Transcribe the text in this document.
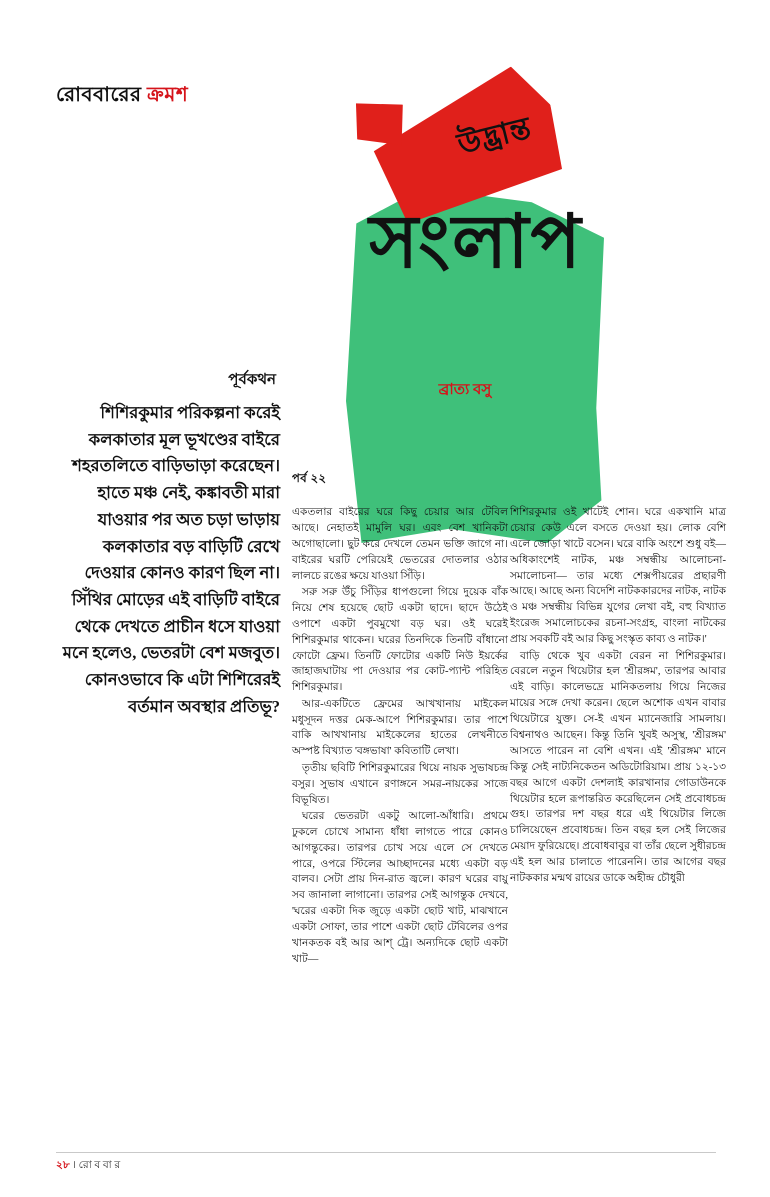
রোববারের ক্রমশ
উদ্ভ্রান্ত
সংলাপ
ব্রাত্য বসু
পূর্বকথন
শিশিরকুমার পরিকল্পনা করেই কলকাতার মূল ভূখণ্ডের বাইরে শহরতলিতে বাড়িভাড়া করেছেন। হাতে মঞ্চ নেই, কঙ্কাবতী মারা যাওয়ার পর অত চড়া ভাড়ায় কলকাতার বড় বাড়িটি রেখে দেওয়ার কোনও কারণ ছিল না। সিঁথির মোড়ের এই বাড়িটি বাইরে থেকে দেখতে প্রাচীন ধসে যাওয়া মনে হলেও, ভেতরটা বেশ মজবুত। কোনওভাবে কি এটা শিশিরেরই বর্তমান অবস্থার প্রতিভূ?
পর্ব ২২

একতলার বাইরের ঘরে কিছু চেয়ার আর টেবিল আছে। নেহাতই মামুলি ঘর। এবং বেশ খানিকটা অগোছালো। ছুট করে দেখলে তেমন ভক্তি জাগে না। বাইরের ঘরটি পেরিয়েই ভেতরের দোতলার ওঠার লালচে রঙের ক্ষয়ে যাওয়া সিঁড়ি।

সরু সরু উঁচু সিঁড়ির ধাপগুলো গিয়ে দুয়েক বাঁক নিয়ে শেষ হয়েছে ছোট একটা ছাদে। ছাদে উঠেই ওপাশে একটা পুবমুখো বড় ঘর। ওই ঘরেই শিশিরকুমার থাকেন। ঘরের তিনদিকে তিনটি বাঁধানো ফোটো ফ্রেম। তিনটি ফোটোর একটি নিউ ইয়র্কের জাহাজঘাটায় পা দেওয়ার পর কোট-প্যান্ট পরিহিত শিশিরকুমার।

আর-একটিতে ফ্রেমের আখখানায় মাইকেল মধুসূদন দত্তর মেক-আপে শিশিরকুমার। তার পাশে বাকি আখখানায় মাইকেলের হাতের লেখনীতে অস্পষ্ট বিখ্যাত 'বঙ্গভাষা' কবিতাটি লেখা।

তৃতীয় ছবিটি শিশিরকুমারের থিয়ে নায়ক সুভাষচন্দ্র বসুর। সুভাষ এখানে রণাঙ্গনে সমর-নায়কের সাজে বিভূষিত।

ঘরের ভেতরটা একটু আলো-আঁধারি। প্রথমে ঢুকলে চোখে সামান্য ধাঁধা লাগতে পারে কোনও আগন্তুকের। তারপর চোখ সয়ে এলে সে দেখতে পারে, ওপরে স্টিলের আচ্ছাদনের মধ্যে একটা বড় বালব। সেটা প্রায় দিন-রাত জ্বলে। কারণ ঘরের বায়ু সব জানালা লাগানো। তারপর সেই আগন্তুক দেখবে, 'ঘরের একটা দিক জুড়ে একটা ছোট খাট, মাঝখানে একটা সোফা, তার পাশে একটা ছোট টেবিলের ওপর খানকতক বই আর আশ্ ট্রে। অন্যদিকে ছোট একটা খাট—

শিশিরকুমার ওই খাটেই শোন। ঘরে একখানি মাত্র চেয়ার কেউ এলে বসতে দেওয়া হয়। লোক বেশি এলে জোড়া খাটে বসেন। ঘরে বাকি অংশে শুধু বই— অধিকাংশেই নাটক, মঞ্চ সম্বন্ধীয় আলোচনা-সমালোচনা— তার মধ্যে শেক্সপীয়রের প্রছারণী আছে। আছে অন্য বিদেশি নাটককারদের নাটক, নাটক ও মঞ্চ সম্বন্ধীয় বিভিন্ন যুগের লেখা বই, বহু বিখ্যাত ইংরেজ সমালোচকের রচনা-সংগ্রহ, বাংলা নাটকের প্রায় সবকটি বই আর কিছু সংস্কৃত কাব্য ও নাটক।'

বাড়ি থেকে খুব একটা বেরন না শিশিরকুমার। বেরলে নতুন থিয়েটার হল 'শ্রীরঙ্গম', তারপর আবার এই বাড়ি। কালেভদ্রে মানিকতলায় গিয়ে নিজের মায়ের সঙ্গে দেখা করেন। ছেলে অশোক এখন বাবার থিয়েটারে যুক্ত। সে-ই এখন ম্যানেজারি সামলায়। বিশ্বনাথও আছেন। কিন্তু তিনি খুবই অসুস্থ, 'শ্রীরঙ্গম' আসতে পারেন না বেশি এখন। এই 'শ্রীরঙ্গম' মানে কিন্তু সেই নাট্যনিকেতন অডিটোরিয়াম। প্রায় ১২-১৩ বছর আগে একটা দেশলাই কারখানার গোডাউনকে থিয়েটার হলে রূপান্তরিত করেছিলেন সেই প্রবোধচন্দ্র গুহ। তারপর দশ বছর ধরে এই থিয়েটার লিজে চালিয়েছেন প্রবোধচন্দ্র। তিন বছর হল সেই লিজের মেয়াদ ফুরিয়েছে। প্রবোধবাবুর বা তাঁর ছেলে সুধীরচন্দ্র এই হল আর চালাতে পারেননি। তার আগের বছর নাটককার মন্মথ রায়ের ডাকে অহীন্দ্র চৌধুরী

২৮ । রো ব বা র
